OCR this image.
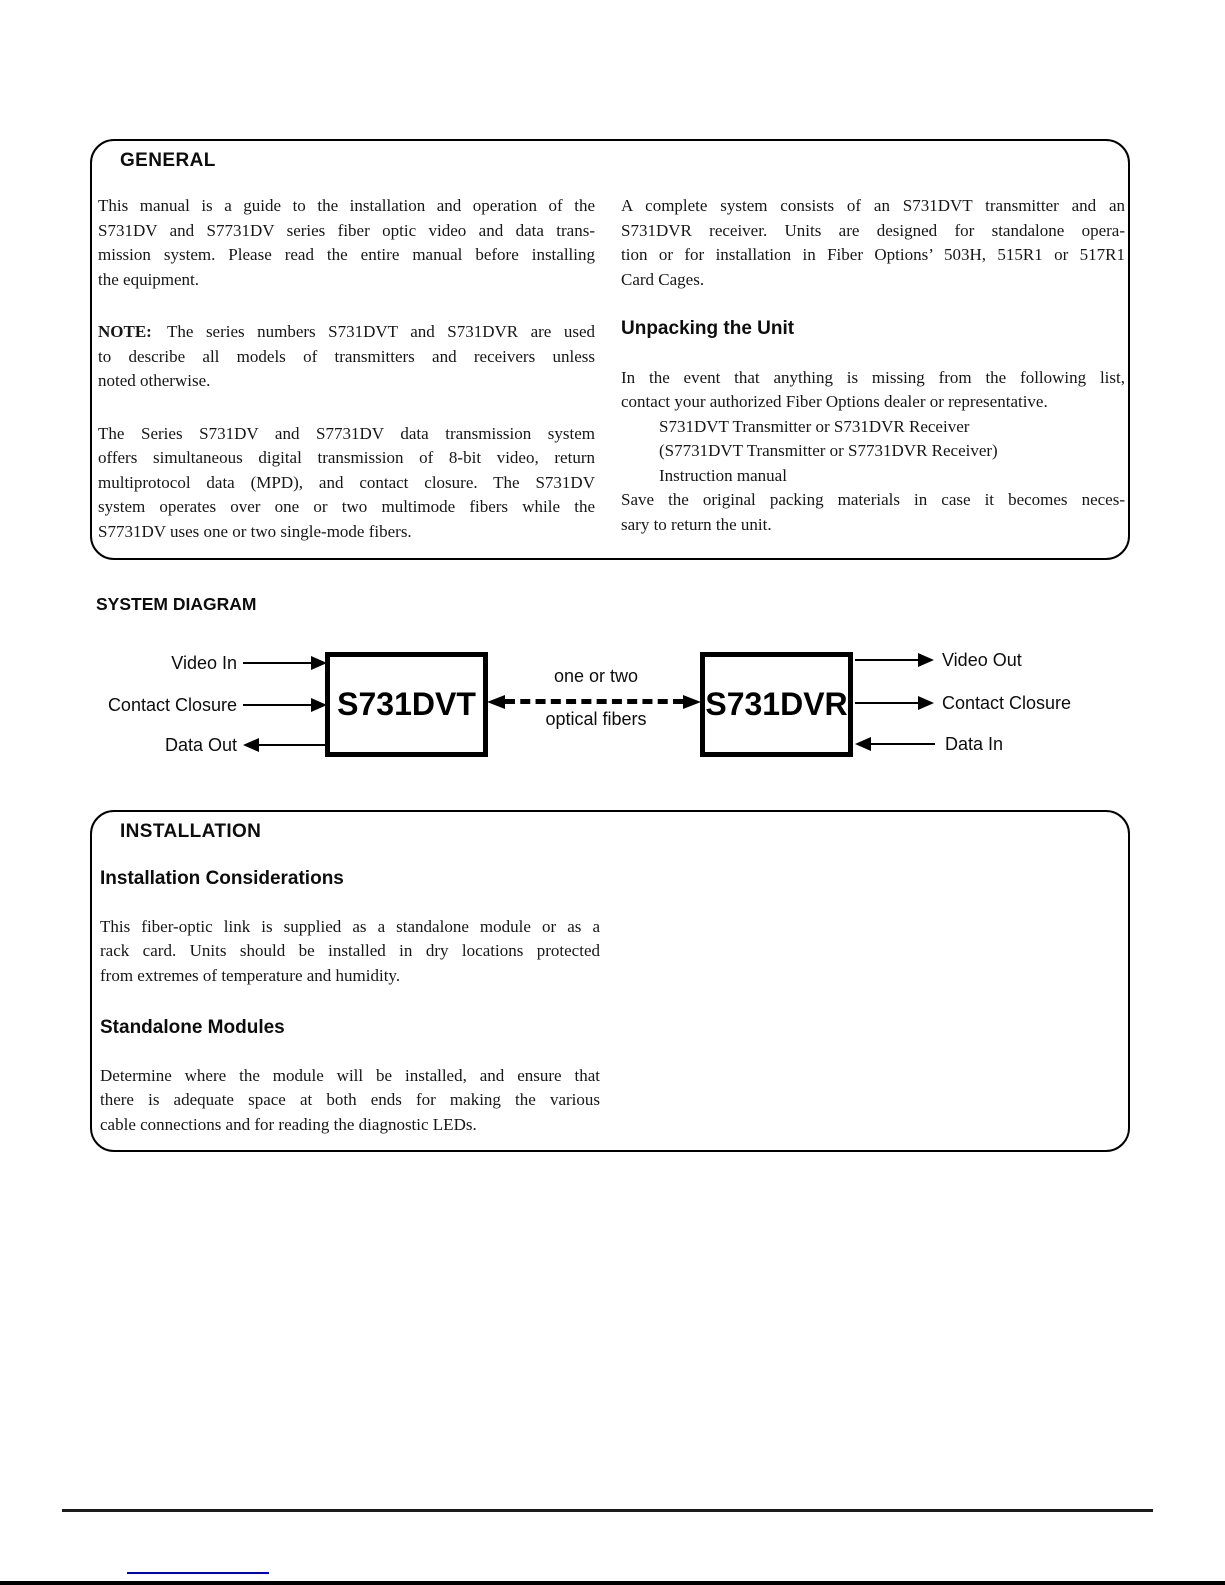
GENERAL
This manual is a guide to the installation and operation of the
S731DV and S7731DV series fiber optic video and data trans-
mission system. Please read the entire manual before installing
the equipment.
NOTE: The series numbers S731DVT and S731DVR are used
to describe all models of transmitters and receivers unless
noted otherwise.
The Series S731DV and S7731DV data transmission system
offers simultaneous digital transmission of 8-bit video, return
multiprotocol data (MPD), and contact closure. The S731DV
system operates over one or two multimode fibers while the
S7731DV uses one or two single-mode fibers.
A complete system consists of an S731DVT transmitter and an
S731DVR receiver. Units are designed for standalone opera-
tion or for installation in Fiber Options’ 503H, 515R1 or 517R1
Card Cages.
Unpacking the Unit
In the event that anything is missing from the following list,
contact your authorized Fiber Options dealer or representative.
S731DVT Transmitter or S731DVR Receiver
(S7731DVT Transmitter or S7731DVR Receiver)
Instruction manual
Save the original packing materials in case it becomes neces-
sary to return the unit.
SYSTEM DIAGRAM
Video In
Contact Closure
Data Out
S731DVT
one or two
optical fibers	S731DVR
Video Out
Contact Closure
Data In
INSTALLATION
Installation Considerations
This fiber-optic link is supplied as a standalone module or as a
rack card. Units should be installed in dry locations protected
from extremes of temperature and humidity.
Standalone Modules
Determine where the module will be installed, and ensure that
there is adequate space at both ends for making the various
cable connections and for reading the diagnostic LEDs.
